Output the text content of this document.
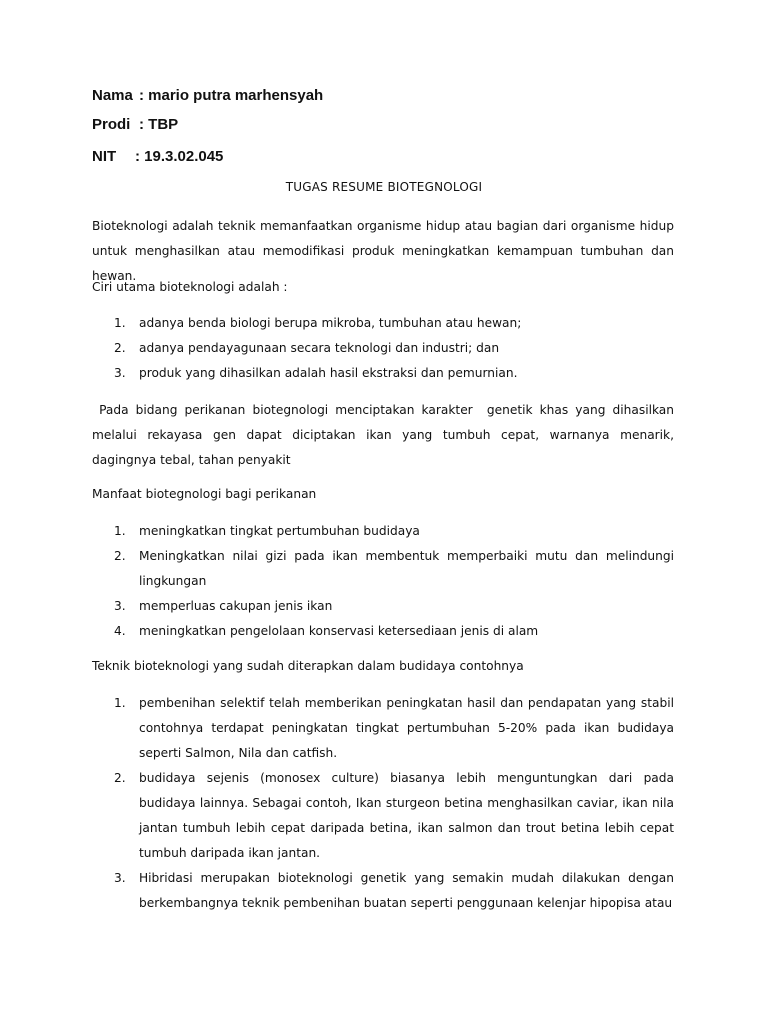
Nama : mario putra marhensyah
Prodi : TBP
NIT : 19.3.02.045
TUGAS RESUME BIOTEGNOLOGI

Bioteknologi adalah teknik memanfaatkan organisme hidup atau bagian dari organisme hidup untuk menghasilkan atau memodifikasi produk meningkatkan kemampuan tumbuhan dan hewan.

Ciri utama bioteknologi adalah :

1. adanya benda biologi berupa mikroba, tumbuhan atau hewan;
2. adanya pendayagunaan secara teknologi dan industri; dan
3. produk yang dihasilkan adalah hasil ekstraksi dan pemurnian.

Pada bidang perikanan biotegnologi menciptakan karakter  genetik khas yang dihasilkan melalui rekayasa gen dapat diciptakan ikan yang tumbuh cepat, warnanya menarik, dagingnya tebal, tahan penyakit

Manfaat biotegnologi bagi perikanan

1. meningkatkan tingkat pertumbuhan budidaya
2. Meningkatkan nilai gizi pada ikan membentuk memperbaiki mutu dan melindungi lingkungan
3. memperluas cakupan jenis ikan
4. meningkatkan pengelolaan konservasi ketersediaan jenis di alam

Teknik bioteknologi yang sudah diterapkan dalam budidaya contohnya

1. pembenihan selektif telah memberikan peningkatan hasil dan pendapatan yang stabil contohnya terdapat peningkatan tingkat pertumbuhan 5-20% pada ikan budidaya seperti Salmon, Nila dan catfish.
2. budidaya sejenis (monosex culture) biasanya lebih menguntungkan dari pada budidaya lainnya. Sebagai contoh, Ikan sturgeon betina menghasilkan caviar, ikan nila jantan tumbuh lebih cepat daripada betina, ikan salmon dan trout betina lebih cepat tumbuh daripada ikan jantan.
3. Hibridasi merupakan bioteknologi genetik yang semakin mudah dilakukan dengan berkembangnya teknik pembenihan buatan seperti penggunaan kelenjar hipopisa atau
